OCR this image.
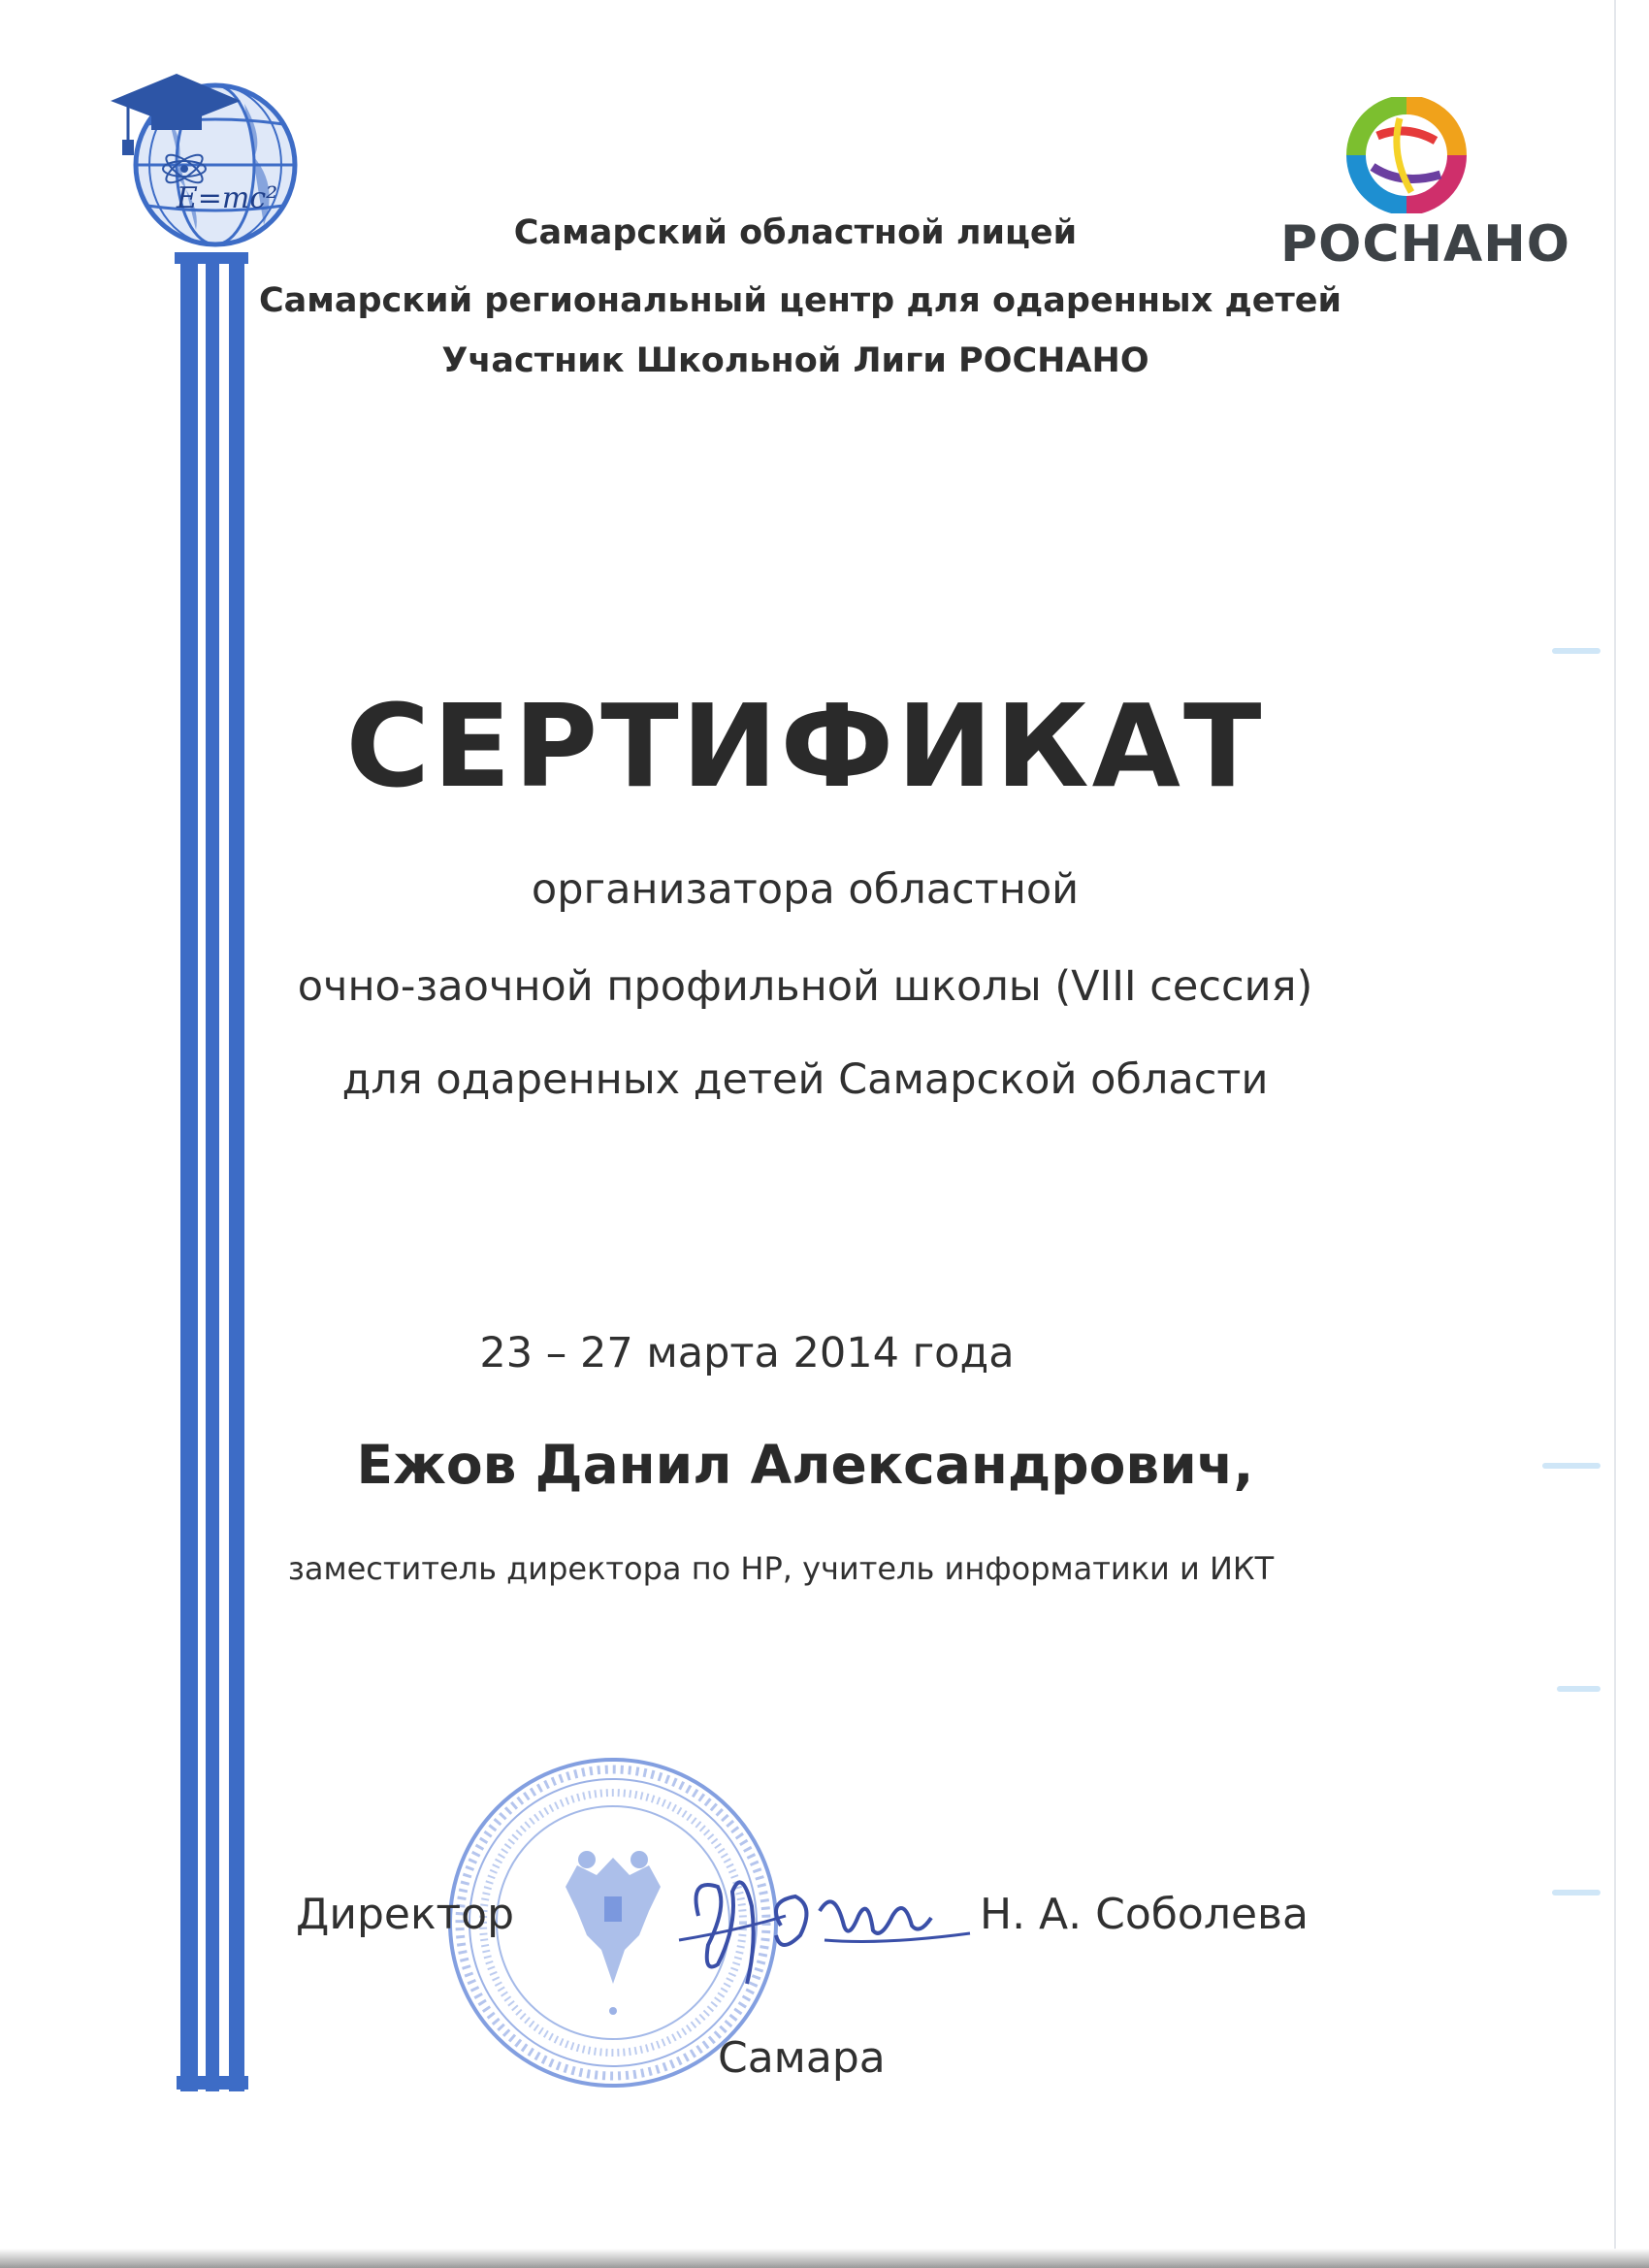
E=mc²
РОСНАНО
Самарский областной лицей
Самарский региональный центр для одаренных детей
Участник Школьной Лиги РОСНАНО
СЕРТИФИКАТ
организатора областной
очно-заочной профильной школы (VIII сессия)
для одаренных детей Самарской области
23 – 27 марта 2014 года
Ежов Данил Александрович,
заместитель директора по НР, учитель информатики и ИКТ
Директор	Н. А. Соболева
Самара
